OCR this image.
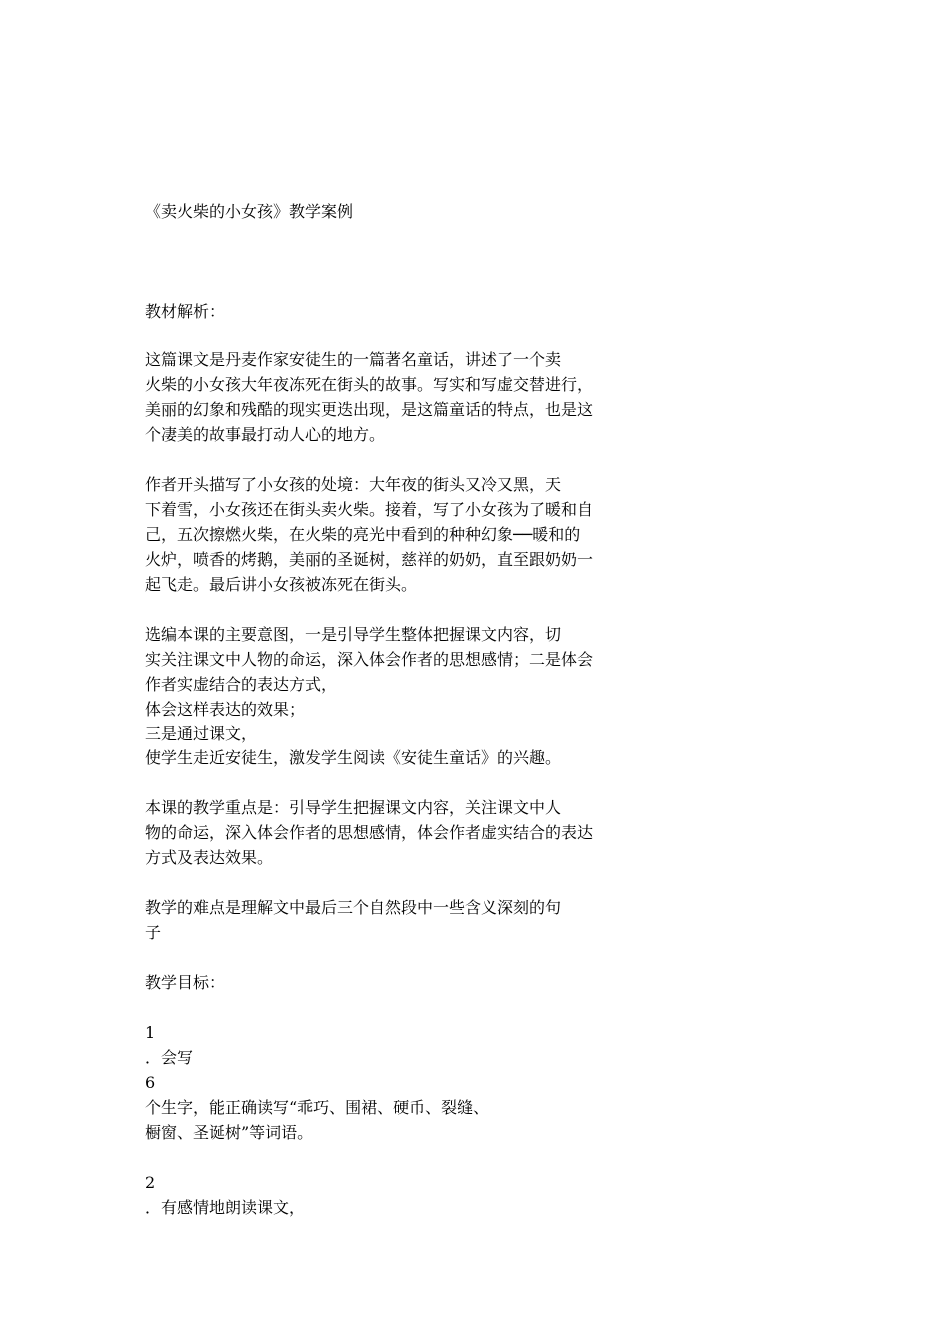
《卖火柴的小女孩》教学案例
教材解析：
这篇课文是丹麦作家安徒生的一篇著名童话，讲述了一个卖
火柴的小女孩大年夜冻死在街头的故事。写实和写虚交替进行，
美丽的幻象和残酷的现实更迭出现，是这篇童话的特点，也是这
个凄美的故事最打动人心的地方。
作者开头描写了小女孩的处境：大年夜的街头又冷又黑，天
下着雪，小女孩还在街头卖火柴。接着，写了小女孩为了暖和自
己，五次擦燃火柴，在火柴的亮光中看到的种种幻象──暖和的
火炉，喷香的烤鹅，美丽的圣诞树，慈祥的奶奶，直至跟奶奶一
起飞走。最后讲小女孩被冻死在街头。
选编本课的主要意图，一是引导学生整体把握课文内容，切
实关注课文中人物的命运，深入体会作者的思想感情；二是体会
作者实虚结合的表达方式，
体会这样表达的效果；
三是通过课文，
使学生走近安徒生，激发学生阅读《安徒生童话》的兴趣。
本课的教学重点是：引导学生把握课文内容，关注课文中人
物的命运，深入体会作者的思想感情，体会作者虚实结合的表达
方式及表达效果。
教学的难点是理解文中最后三个自然段中一些含义深刻的句
子
教学目标：
1
．会写
6
个生字，能正确读写“乖巧、围裙、硬币、裂缝、
橱窗、圣诞树”等词语。
2
．有感情地朗读课文，
